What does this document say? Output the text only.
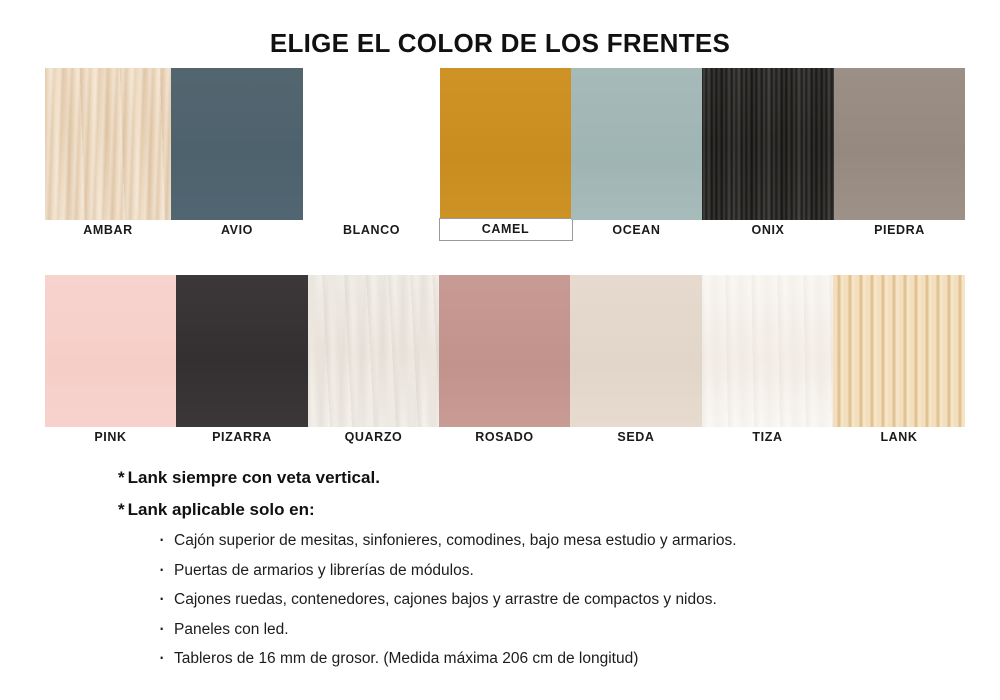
ELIGE EL COLOR DE LOS FRENTES
AMBAR	AVIO	BLANCO	CAMEL	OCEAN	ONIX	PIEDRA
PINK	PIZARRA	QUARZO	ROSADO	SEDA	TIZA	LANK
* Lank siempre con veta vertical.
* Lank aplicable solo en:
· Cajón superior de mesitas, sinfonieres, comodines, bajo mesa estudio y armarios.
· Puertas de armarios y librerías de módulos.
· Cajones ruedas, contenedores, cajones bajos y arrastre de compactos y nidos.
· Paneles con led.
· Tableros de 16 mm de grosor. (Medida máxima 206 cm de longitud)
